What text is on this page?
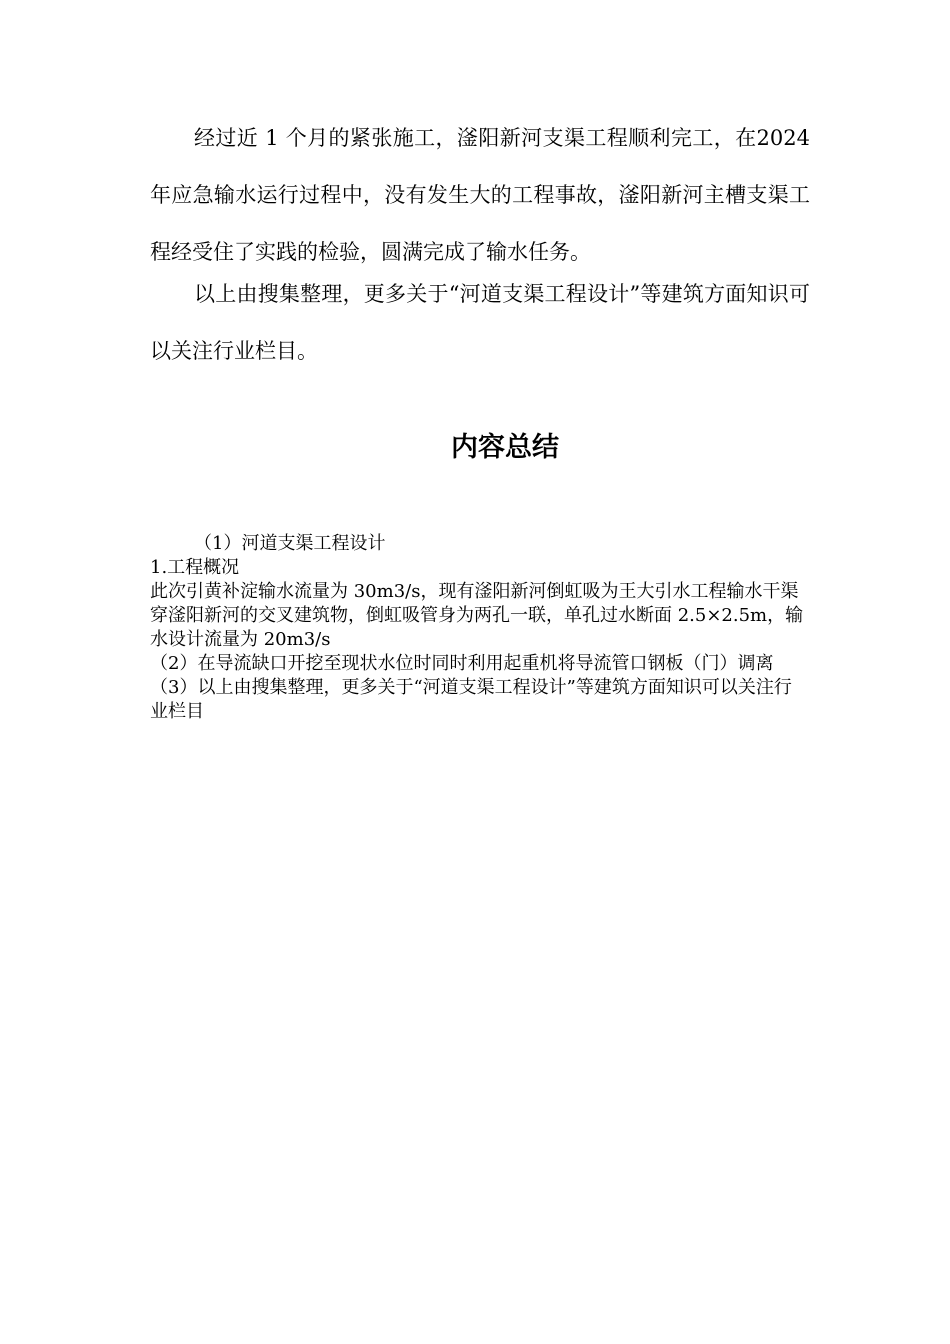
经过近 1 个月的紧张施工，滏阳新河支渠工程顺利完工，在2024 年应急输水运行过程中，没有发生大的工程事故，滏阳新河主槽支渠工程经受住了实践的检验，圆满完成了输水任务。

以上由搜集整理，更多关于“河道支渠工程设计”等建筑方面知识可以关注行业栏目。

内容总结

（1）河道支渠工程设计

1.工程概况

此次引黄补淀输水流量为 30m3/s，现有滏阳新河倒虹吸为王大引水工程输水干渠穿滏阳新河的交叉建筑物，倒虹吸管身为两孔一联，单孔过水断面 2.5×2.5m，输水设计流量为 20m3/s

（2）在导流缺口开挖至现状水位时同时利用起重机将导流管口钢板（门）调离

（3）以上由搜集整理，更多关于“河道支渠工程设计”等建筑方面知识可以关注行业栏目
